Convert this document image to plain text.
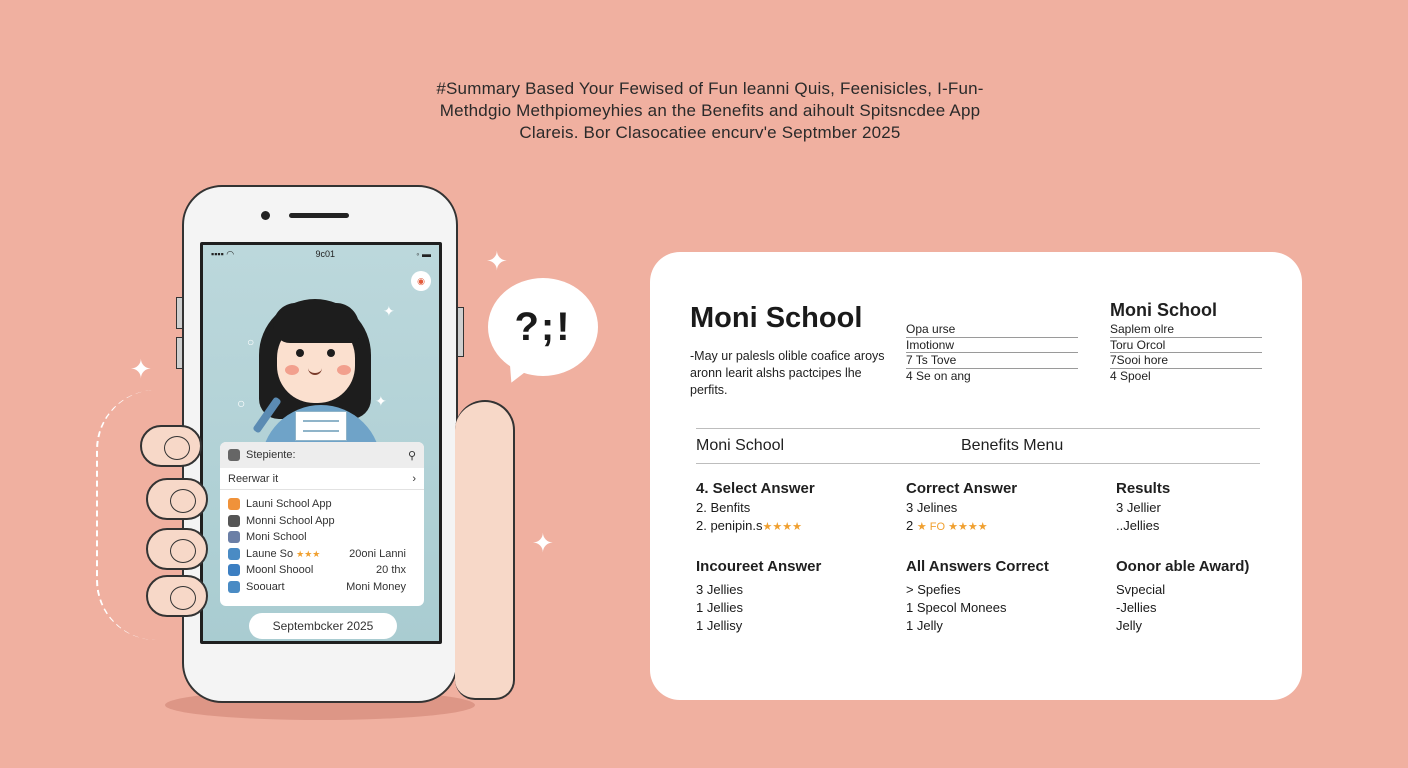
#Summary Based Your Fewised of Fun leanni Quis, Feenisicles, I-Fun-
Methdgio Methpiomeyhies an the Benefits and aihoult Spitsncdee App
Clareis. Bor Clasocatiee encurv'e Septmber 2025
✦
✦
✦
▪▪▪▪ ◠	9c01	◦ ▬
◉
✦
○
○	✦
Stepiente:	⚲
Reerwar it	›
Launi School App
Monni School App
Moni School
Laune So ★★★	20oni Lanni
Moonl Shoool	20 thx
Soouart	Moni Money
Septembcker 2025
?;!	Moni School
-May ur palesls olible coafice aroys aronn learit alshs pactcipes lhe perfits.
Opa urse
Imotionw
7 Ts Tove
4 Se on ang
Moni School
Saplem olre
Toru Orcol
7Sooi hore
4 Spoel
Moni School	Benefits Menu
4. Select Answer
2. Benfits
2. penipin.s★★★★
Correct Answer
3 Jelines
2 ★ FO ★★★★
Results
3 Jellier
..Jellies
Incoureet Answer
3 Jellies
1 Jellies
1 Jellisy
All Answers Correct
> Spefies
1 Specol Monees
1 Jelly
Oonor able Award)
Svpecial
-Jellies
Jelly
